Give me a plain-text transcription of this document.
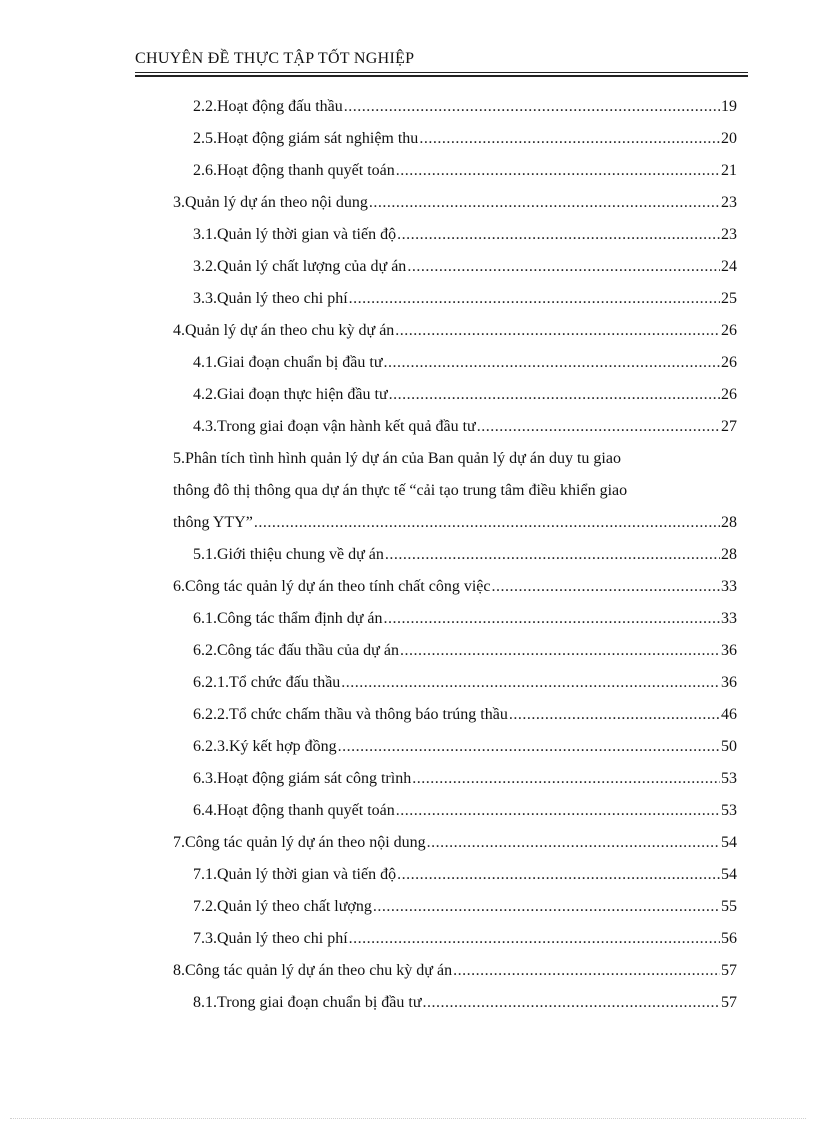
CHUYÊN ĐỀ THỰC TẬP TỐT NGHIỆP
2.2.Hoạt động đấu thầu .....	19
2.5.Hoạt động giám sát nghiệm thu .....	20
2.6.Hoạt động thanh quyết toán .....	21
3.Quản lý dự án theo nội dung .....	23
3.1.Quản lý thời gian và tiến độ .....	23
3.2.Quản lý chất lượng của dự án .....	24
3.3.Quản lý theo chi phí .....	25
4.Quản lý dự án theo chu kỳ dự án .....	26
4.1.Giai đoạn chuẩn bị đầu tư .....	26
4.2.Giai đoạn thực hiện đầu tư .....	26
4.3.Trong giai đoạn vận hành kết quả đầu tư .....	27
5.Phân tích tình hình quản lý dự án của Ban quản lý dự án duy tu giao
thông đô thị thông qua dự án thực tế “cải tạo trung tâm điều khiển giao
thông YTY” .....	28
5.1.Giới thiệu chung về dự án .....	28
6.Công tác quản lý dự án theo tính chất công việc .....	33
6.1.Công tác thẩm định dự án .....	33
6.2.Công tác đấu thầu của dự án .....	36
6.2.1.Tổ chức đấu thầu .....	36
6.2.2.Tổ chức chấm thầu và thông báo trúng thầu .....	46
6.2.3.Ký kết hợp đồng .....	50
6.3.Hoạt động giám sát công trình .....	53
6.4.Hoạt động thanh quyết toán .....	53
7.Công tác quản lý dự án theo nội dung .....	54
7.1.Quản lý thời gian và tiến độ .....	54
7.2.Quản lý theo chất lượng .....	55
7.3.Quản lý theo chi phí .....	56
8.Công tác quản lý dự án theo chu kỳ dự án .....	57
8.1.Trong giai đoạn chuẩn bị đầu tư .....	57
